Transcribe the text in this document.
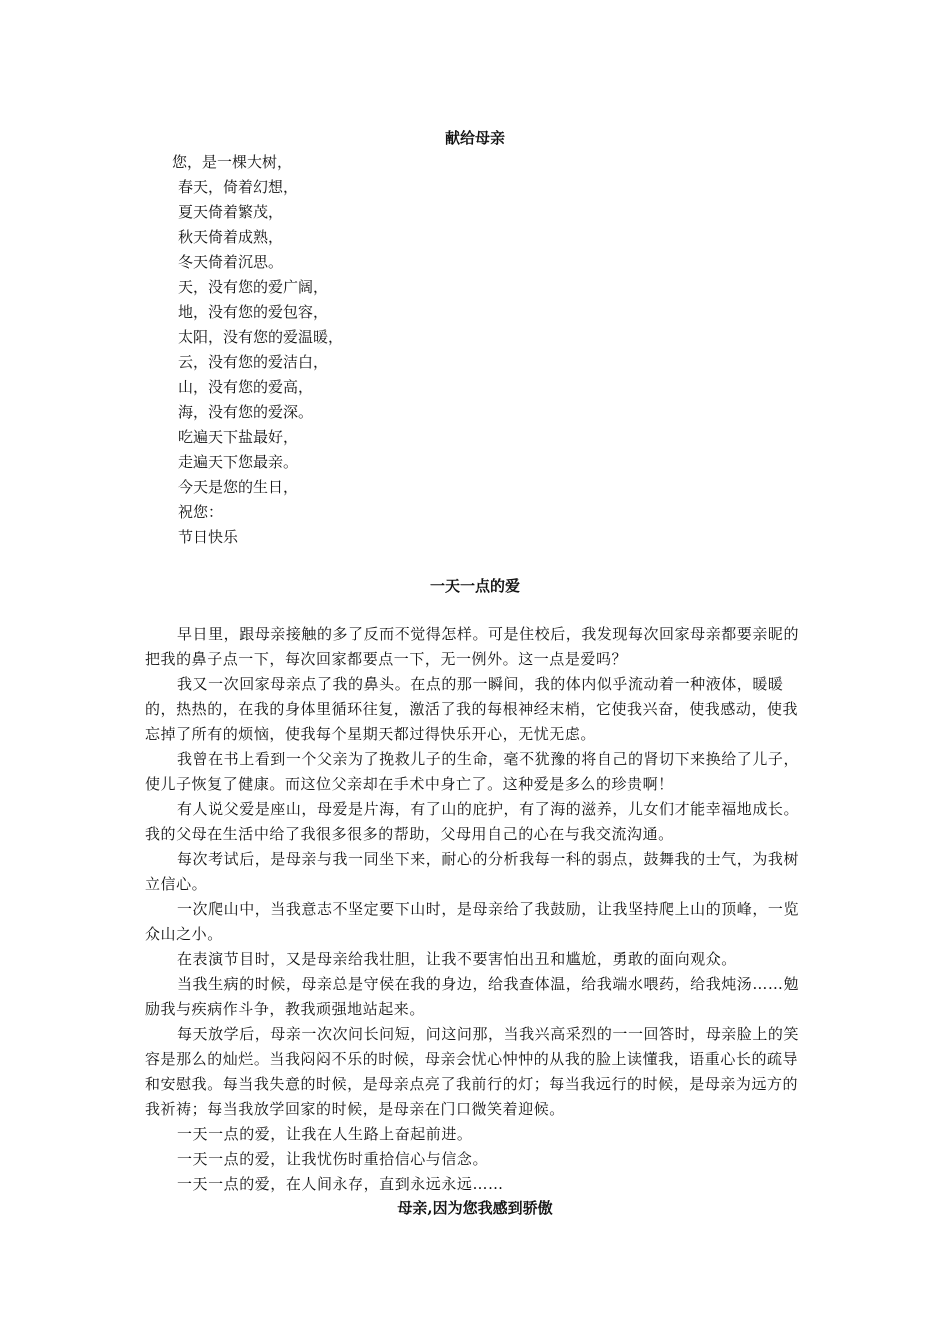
献给母亲
您，是一棵大树，
春天，倚着幻想，
夏天倚着繁茂，
秋天倚着成熟，
冬天倚着沉思。
天，没有您的爱广阔，
地，没有您的爱包容，
太阳，没有您的爱温暖，
云，没有您的爱洁白，
山，没有您的爱高，
海，没有您的爱深。
吃遍天下盐最好，
走遍天下您最亲。
今天是您的生日，
祝您：
节日快乐
一天一点的爱

早日里，跟母亲接触的多了反而不觉得怎样。可是住校后，我发现每次回家母亲都要亲昵的把我的鼻子点一下，每次回家都要点一下，无一例外。这一点是爱吗？

我又一次回家母亲点了我的鼻头。在点的那一瞬间，我的体内似乎流动着一种液体，暖暖的，热热的，在我的身体里循环往复，激活了我的每根神经末梢，它使我兴奋，使我感动，使我忘掉了所有的烦恼，使我每个星期天都过得快乐开心，无忧无虑。

我曾在书上看到一个父亲为了挽救儿子的生命，毫不犹豫的将自己的肾切下来换给了儿子，使儿子恢复了健康。而这位父亲却在手术中身亡了。这种爱是多么的珍贵啊！

有人说父爱是座山，母爱是片海，有了山的庇护，有了海的滋养，儿女们才能幸福地成长。我的父母在生活中给了我很多很多的帮助，父母用自己的心在与我交流沟通。

每次考试后，是母亲与我一同坐下来，耐心的分析我每一科的弱点，鼓舞我的士气，为我树立信心。

一次爬山中，当我意志不坚定要下山时，是母亲给了我鼓励，让我坚持爬上山的顶峰，一览众山之小。

在表演节目时，又是母亲给我壮胆，让我不要害怕出丑和尴尬，勇敢的面向观众。

当我生病的时候，母亲总是守侯在我的身边，给我查体温，给我端水喂药，给我炖汤……勉励我与疾病作斗争，教我顽强地站起来。

每天放学后，母亲一次次问长问短，问这问那，当我兴高采烈的一一回答时，母亲脸上的笑容是那么的灿烂。当我闷闷不乐的时候，母亲会忧心忡忡的从我的脸上读懂我，语重心长的疏导和安慰我。每当我失意的时候，是母亲点亮了我前行的灯；每当我远行的时候，是母亲为远方的我祈祷；每当我放学回家的时候，是母亲在门口微笑着迎候。

一天一点的爱，让我在人生路上奋起前进。

一天一点的爱，让我忧伤时重拾信心与信念。

一天一点的爱，在人间永存，直到永远永远……

母亲,因为您我感到骄傲
